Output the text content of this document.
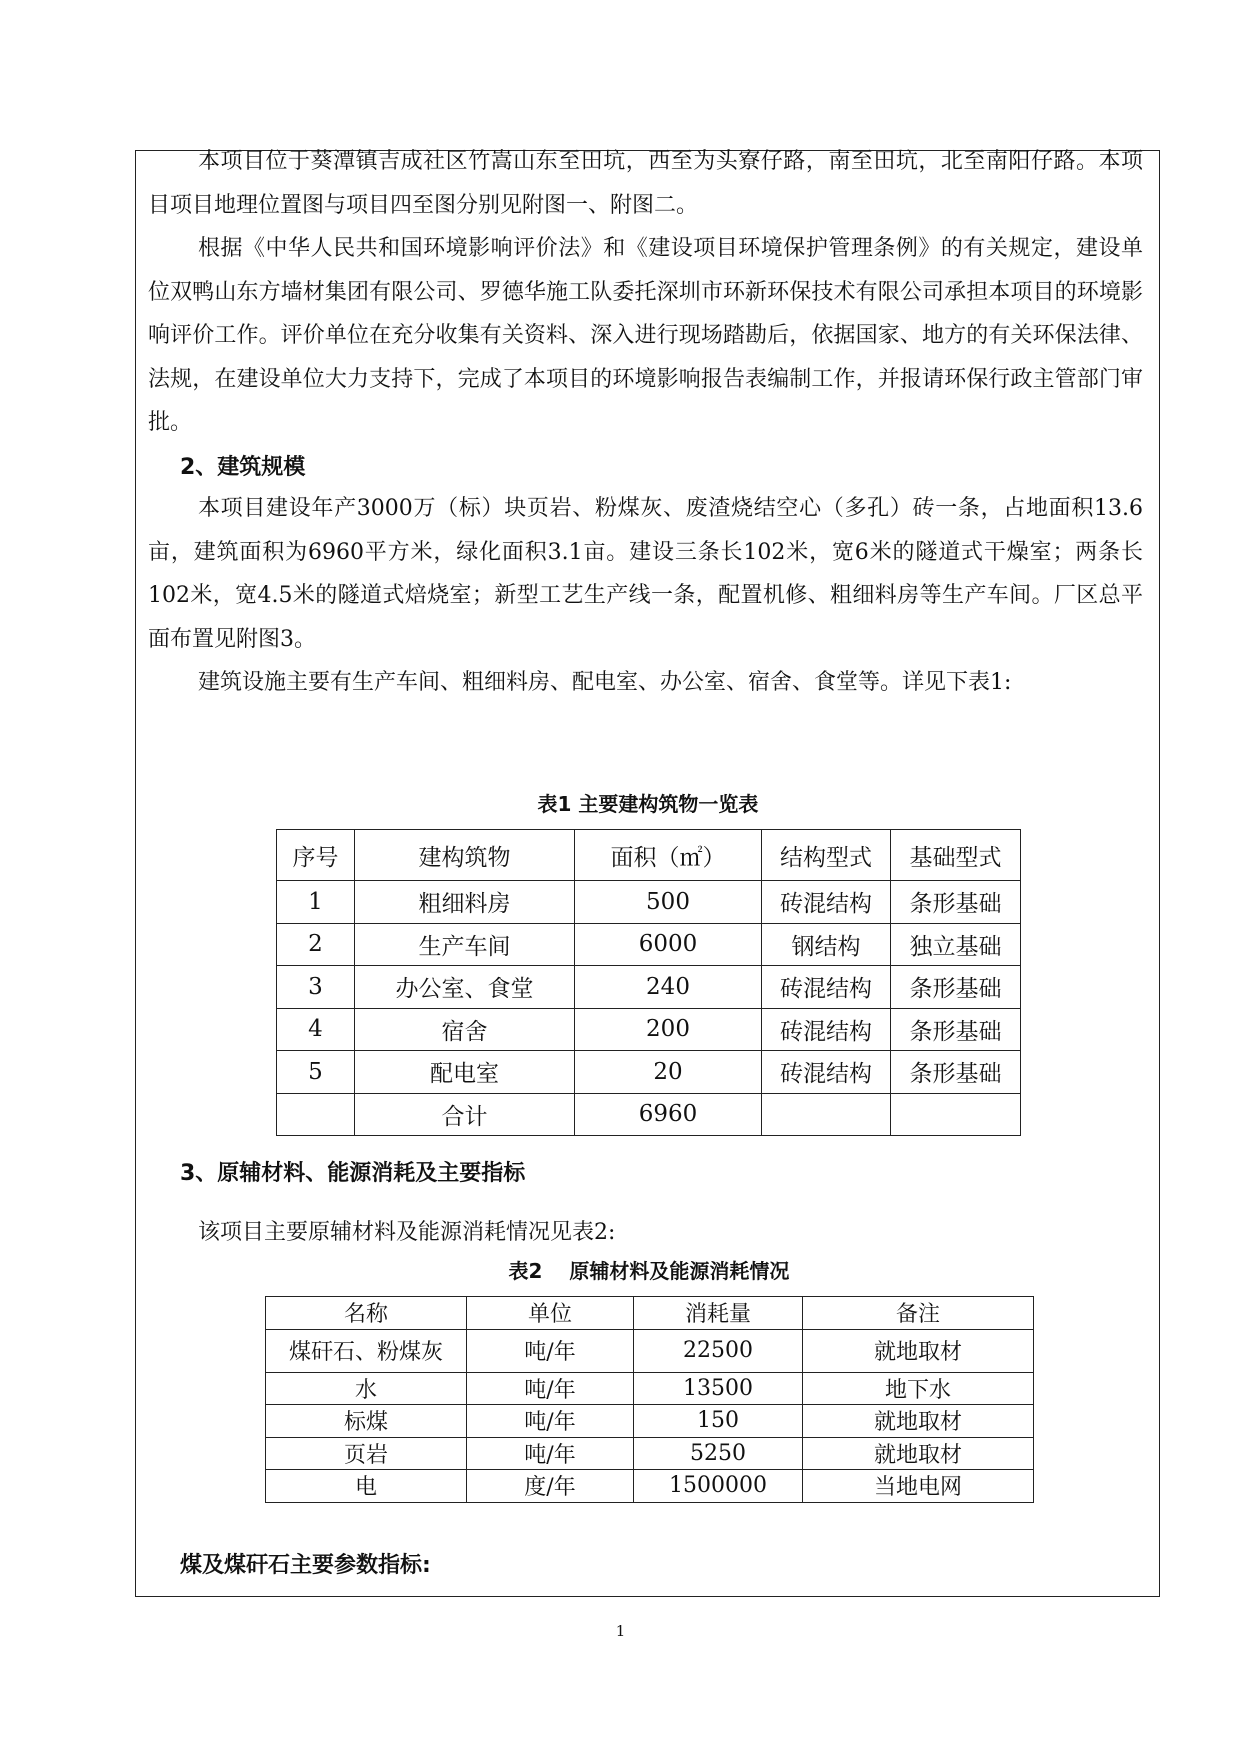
本项目位于葵潭镇吉成社区竹嵩山东至田坑，西至为头寮仔路，南至田坑，北至南阳仔路。本项目项目地理位置图与项目四至图分别见附图一、附图二。

根据《中华人民共和国环境影响评价法》和《建设项目环境保护管理条例》的有关规定，建设单位双鸭山东方墙材集团有限公司、罗德华施工队委托深圳市环新环保技术有限公司承担本项目的环境影响评价工作。评价单位在充分收集有关资料、深入进行现场踏勘后，依据国家、地方的有关环保法律、法规，在建设单位大力支持下，完成了本项目的环境影响报告表编制工作，并报请环保行政主管部门审批。

2、建筑规模

本项目建设年产3000万（标）块页岩、粉煤灰、废渣烧结空心（多孔）砖一条，占地面积13.6亩，建筑面积为6960平方米，绿化面积3.1亩。建设三条长102米，宽6米的隧道式干燥室；两条长102米，宽4.5米的隧道式焙烧室；新型工艺生产线一条，配置机修、粗细料房等生产车间。厂区总平面布置见附图3。

建筑设施主要有生产车间、粗细料房、配电室、办公室、宿舍、食堂等。详见下表1:

表1 主要建构筑物一览表

序号	建构筑物	面积（㎡）	结构型式	基础型式
1	粗细料房	500	砖混结构	条形基础
2	生产车间	6000	钢结构	独立基础
3	办公室、食堂	240	砖混结构	条形基础
4	宿舍	200	砖混结构	条形基础
5	配电室	20	砖混结构	条形基础
	合计	6960		

3、原辅材料、能源消耗及主要指标

该项目主要原辅材料及能源消耗情况见表2:

表2　 原辅材料及能源消耗情况

名称	单位	消耗量	备注
煤矸石、粉煤灰	吨/年	22500	就地取材
水	吨/年	13500	地下水
标煤	吨/年	150	就地取材
页岩	吨/年	5250	就地取材
电	度/年	1500000	当地电网

煤及煤矸石主要参数指标:

1
